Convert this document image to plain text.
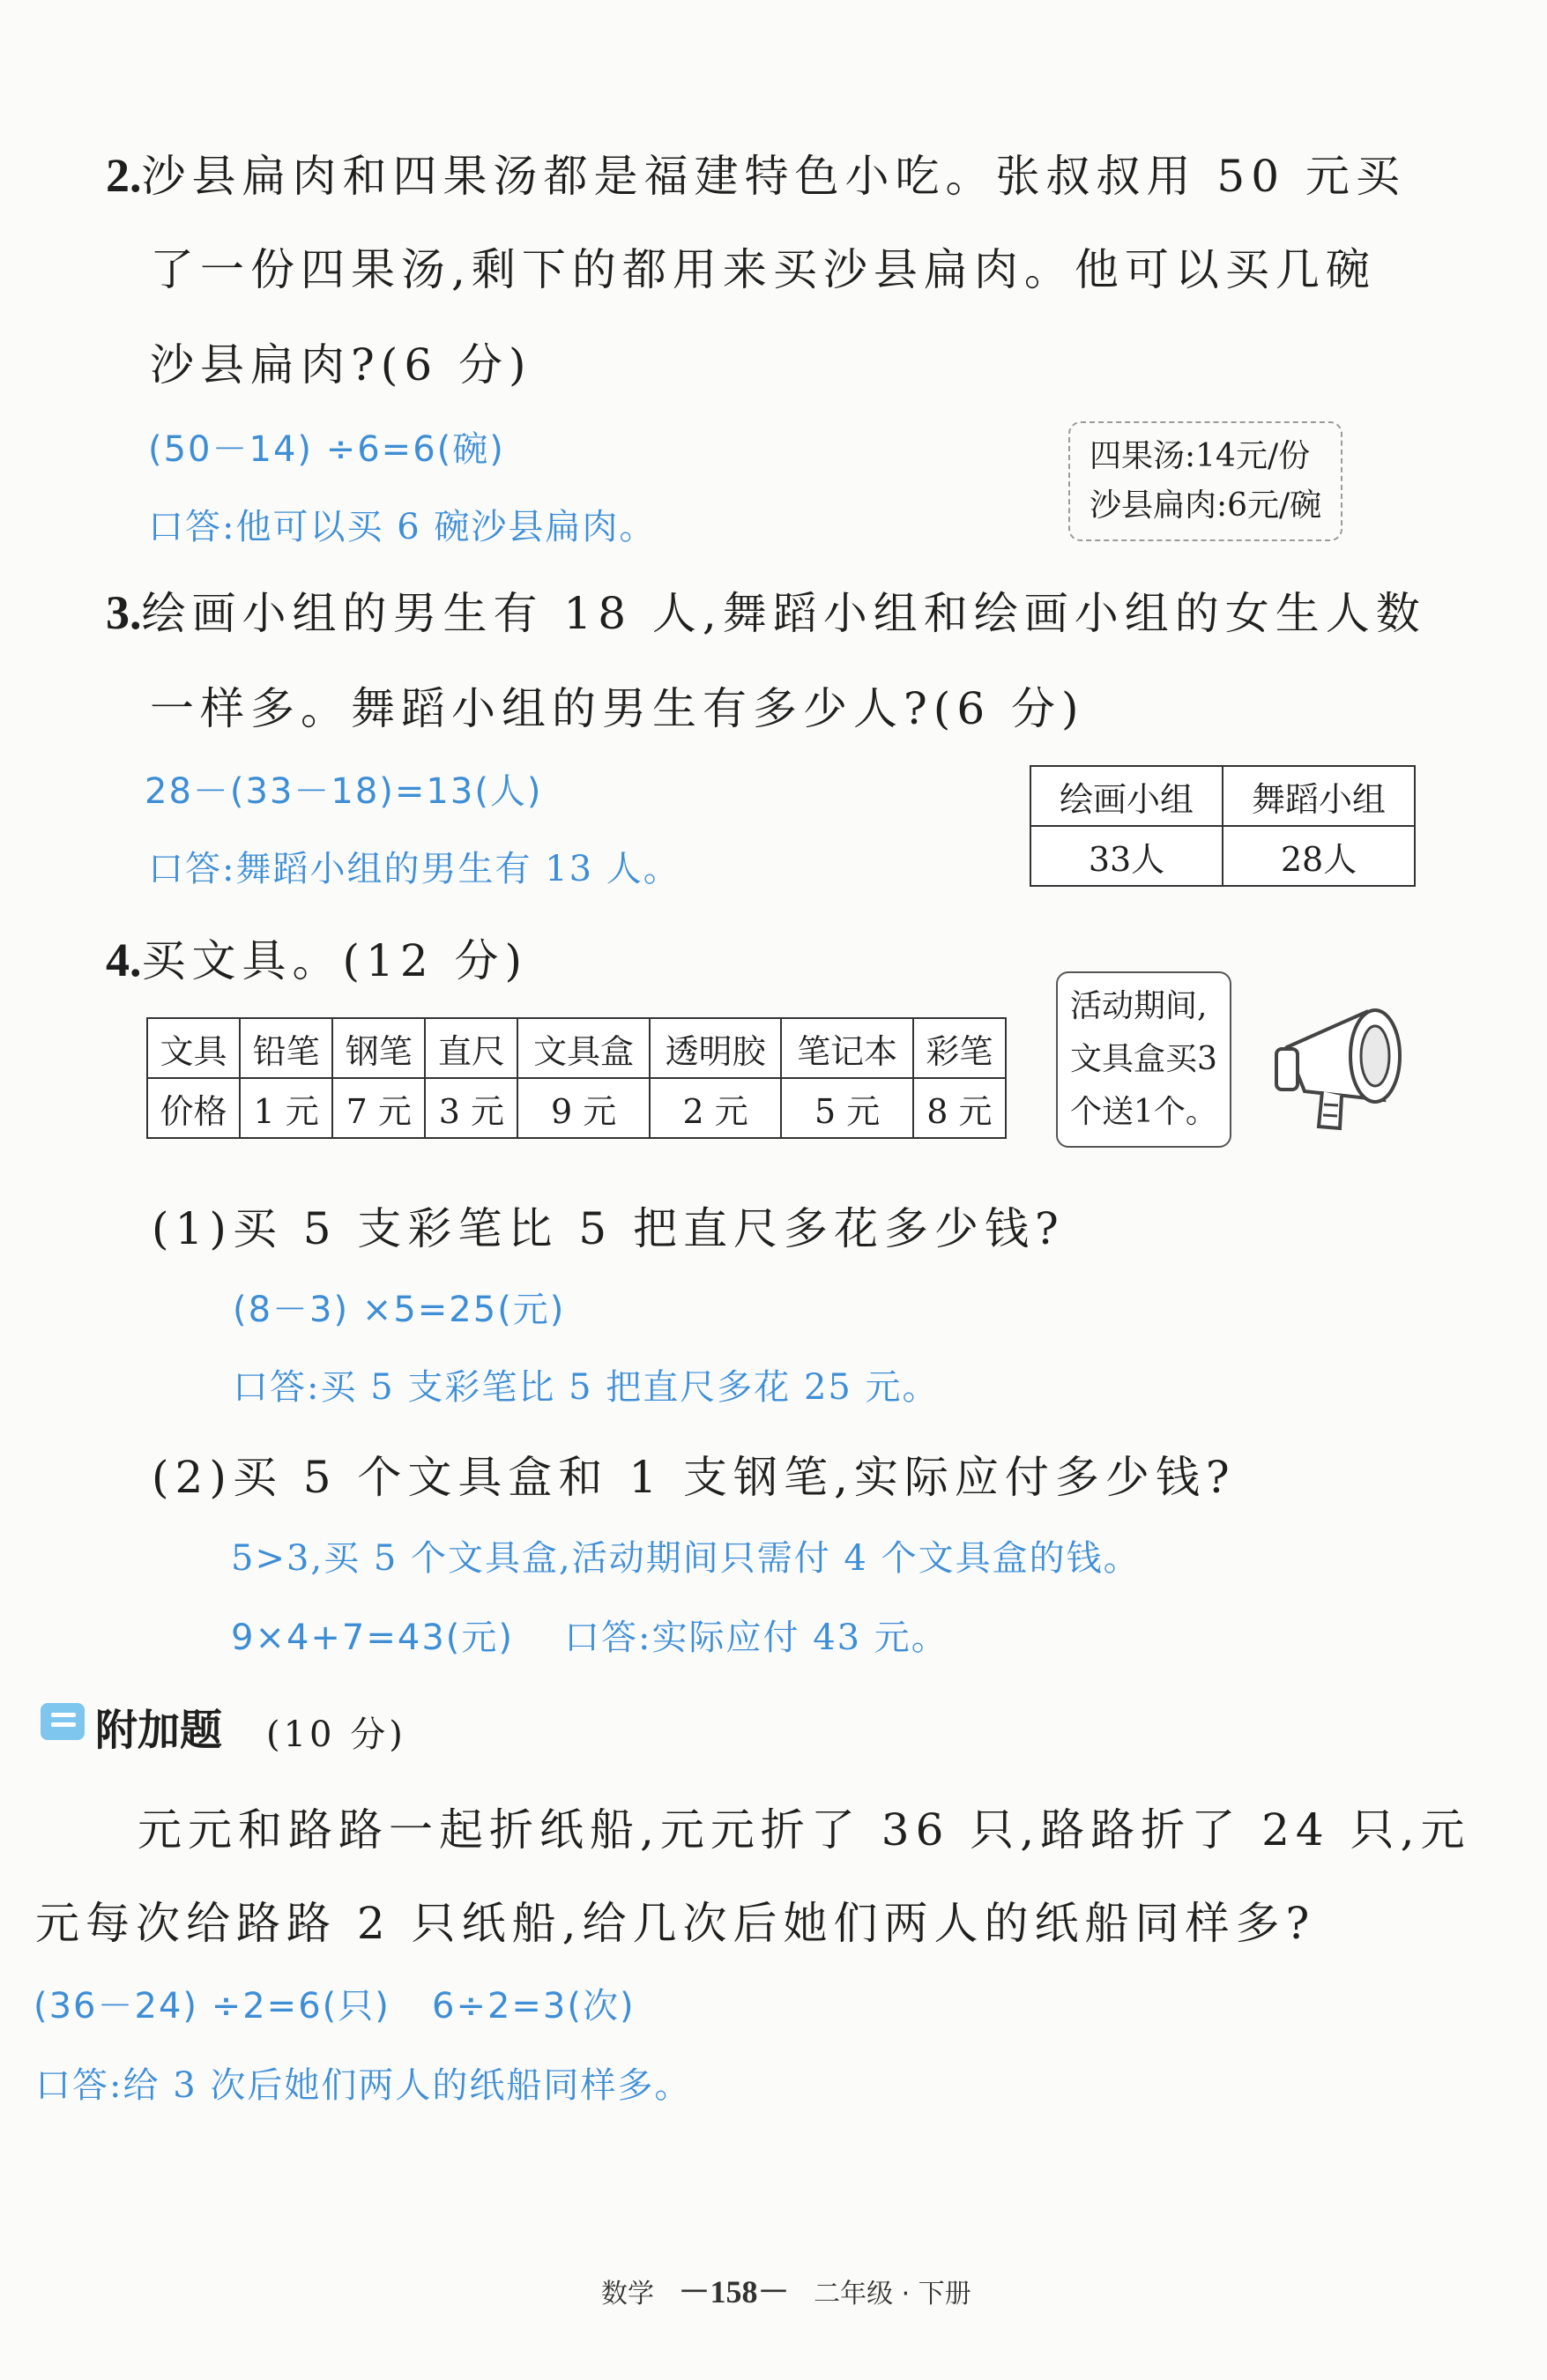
2.沙县扁肉和四果汤都是福建特色小吃。张叔叔用 50 元买
了一份四果汤,剩下的都用来买沙县扁肉。他可以买几碗
沙县扁肉?(6 分)
(50－14) ÷6=6(碗)
口答:他可以买 6 碗沙县扁肉。
四果汤:14元/份
沙县扁肉:6元/碗
3.绘画小组的男生有 18 人,舞蹈小组和绘画小组的女生人数
一样多。舞蹈小组的男生有多少人?(6 分)
28－(33－18)=13(人)
口答:舞蹈小组的男生有 13 人。
绘画小组	舞蹈小组
33人	28人
4.买文具。(12 分)
文具	铅笔	钢笔	直尺	文具盒	透明胶	笔记本	彩笔
价格	1 元	7 元	3 元	9 元	2 元	5 元	8 元
活动期间,
文具盒买3
个送1个。
(1)买 5 支彩笔比 5 把直尺多花多少钱?
(8－3) ×5=25(元)
口答:买 5 支彩笔比 5 把直尺多花 25 元。
(2)买 5 个文具盒和 1 支钢笔,实际应付多少钱?
5>3,买 5 个文具盒,活动期间只需付 4 个文具盒的钱。
9×4+7=43(元) 口答:实际应付 43 元。
附加题 (10 分)
元元和路路一起折纸船,元元折了 36 只,路路折了 24 只,元
元每次给路路 2 只纸船,给几次后她们两人的纸船同样多?
(36－24) ÷2=6(只) 6÷2=3(次)
口答:给 3 次后她们两人的纸船同样多。
数学 －158－ 二年级 · 下册
